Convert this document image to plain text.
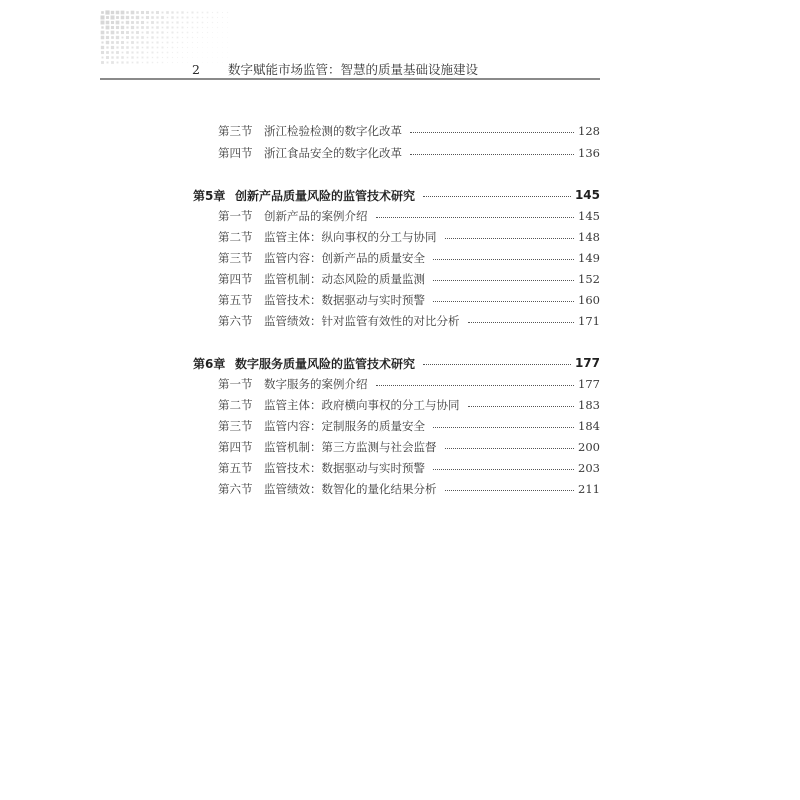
2	数字赋能市场监管：智慧的质量基础设施建设
第三节	浙江检验检测的数字化改革	128
第四节	浙江食品安全的数字化改革	136
第5章 创新产品质量风险的监管技术研究	145
第一节	创新产品的案例介绍	145
第二节	监管主体：纵向事权的分工与协同	148
第三节	监管内容：创新产品的质量安全	149
第四节	监管机制：动态风险的质量监测	152
第五节	监管技术：数据驱动与实时预警	160
第六节	监管绩效：针对监管有效性的对比分析	171
第6章 数字服务质量风险的监管技术研究	177
第一节	数字服务的案例介绍	177
第二节	监管主体：政府横向事权的分工与协同	183
第三节	监管内容：定制服务的质量安全	184
第四节	监管机制：第三方监测与社会监督	200
第五节	监管技术：数据驱动与实时预警	203
第六节	监管绩效：数智化的量化结果分析	211
